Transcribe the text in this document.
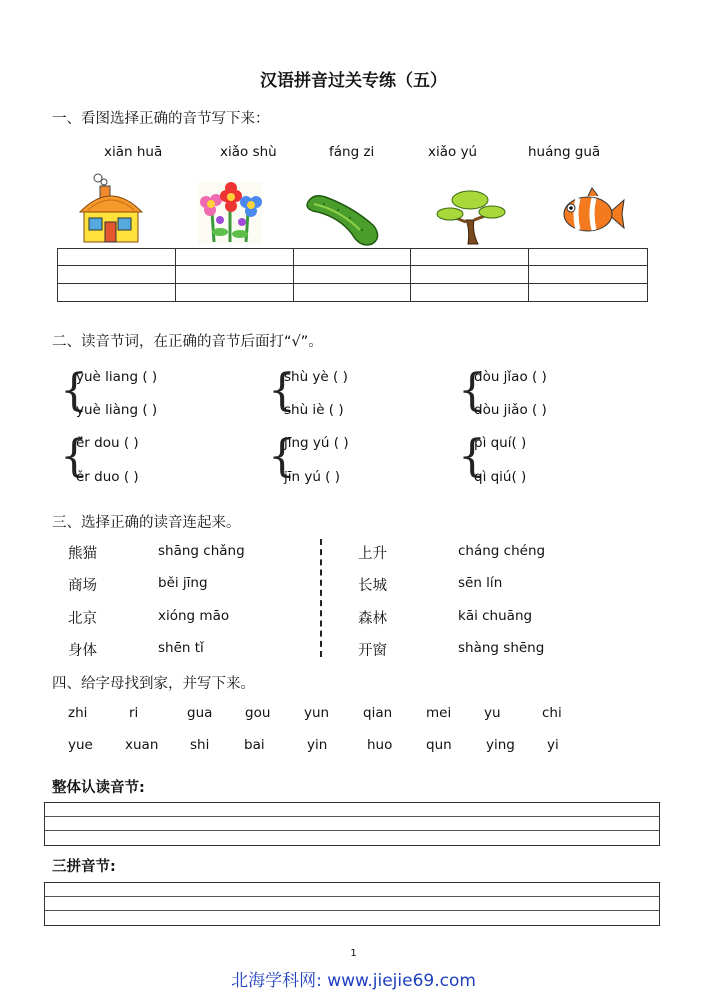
汉语拼音过关专练（五）
一、看图选择正确的音节写下来：
xiān huā	xiǎo shù	fáng zi	xiǎo yú	huáng guā
二、读音节词，在正确的音节后面打“√”。
{
yuè liang ( )
yuè liàng ( )	{
shù yè ( )
shù iè ( )	{
dòu jǐao ( )
dòu jiǎo ( )
{
ěr dou ( )
ěr duo ( )	{
jīng yú ( )
jīn yú ( )	{
pì quí( )
qì qiú( )
三、选择正确的读音连起来。
熊猫	shāng chǎng
商场	běi jīng
北京	xióng māo
身体	shēn tǐ
上升	cháng chéng
长城	sēn lín
森林	kāi chuāng
开窗	shàng shēng
四、给字母找到家，并写下来。
zhi	ri	gua gou yun	qian	mei yu	chi
yue xuan shi	bai	yin	huo qun	ying yi
整体认读音节:
三拼音节:
1
北海学科网: www.jiejie69.com
